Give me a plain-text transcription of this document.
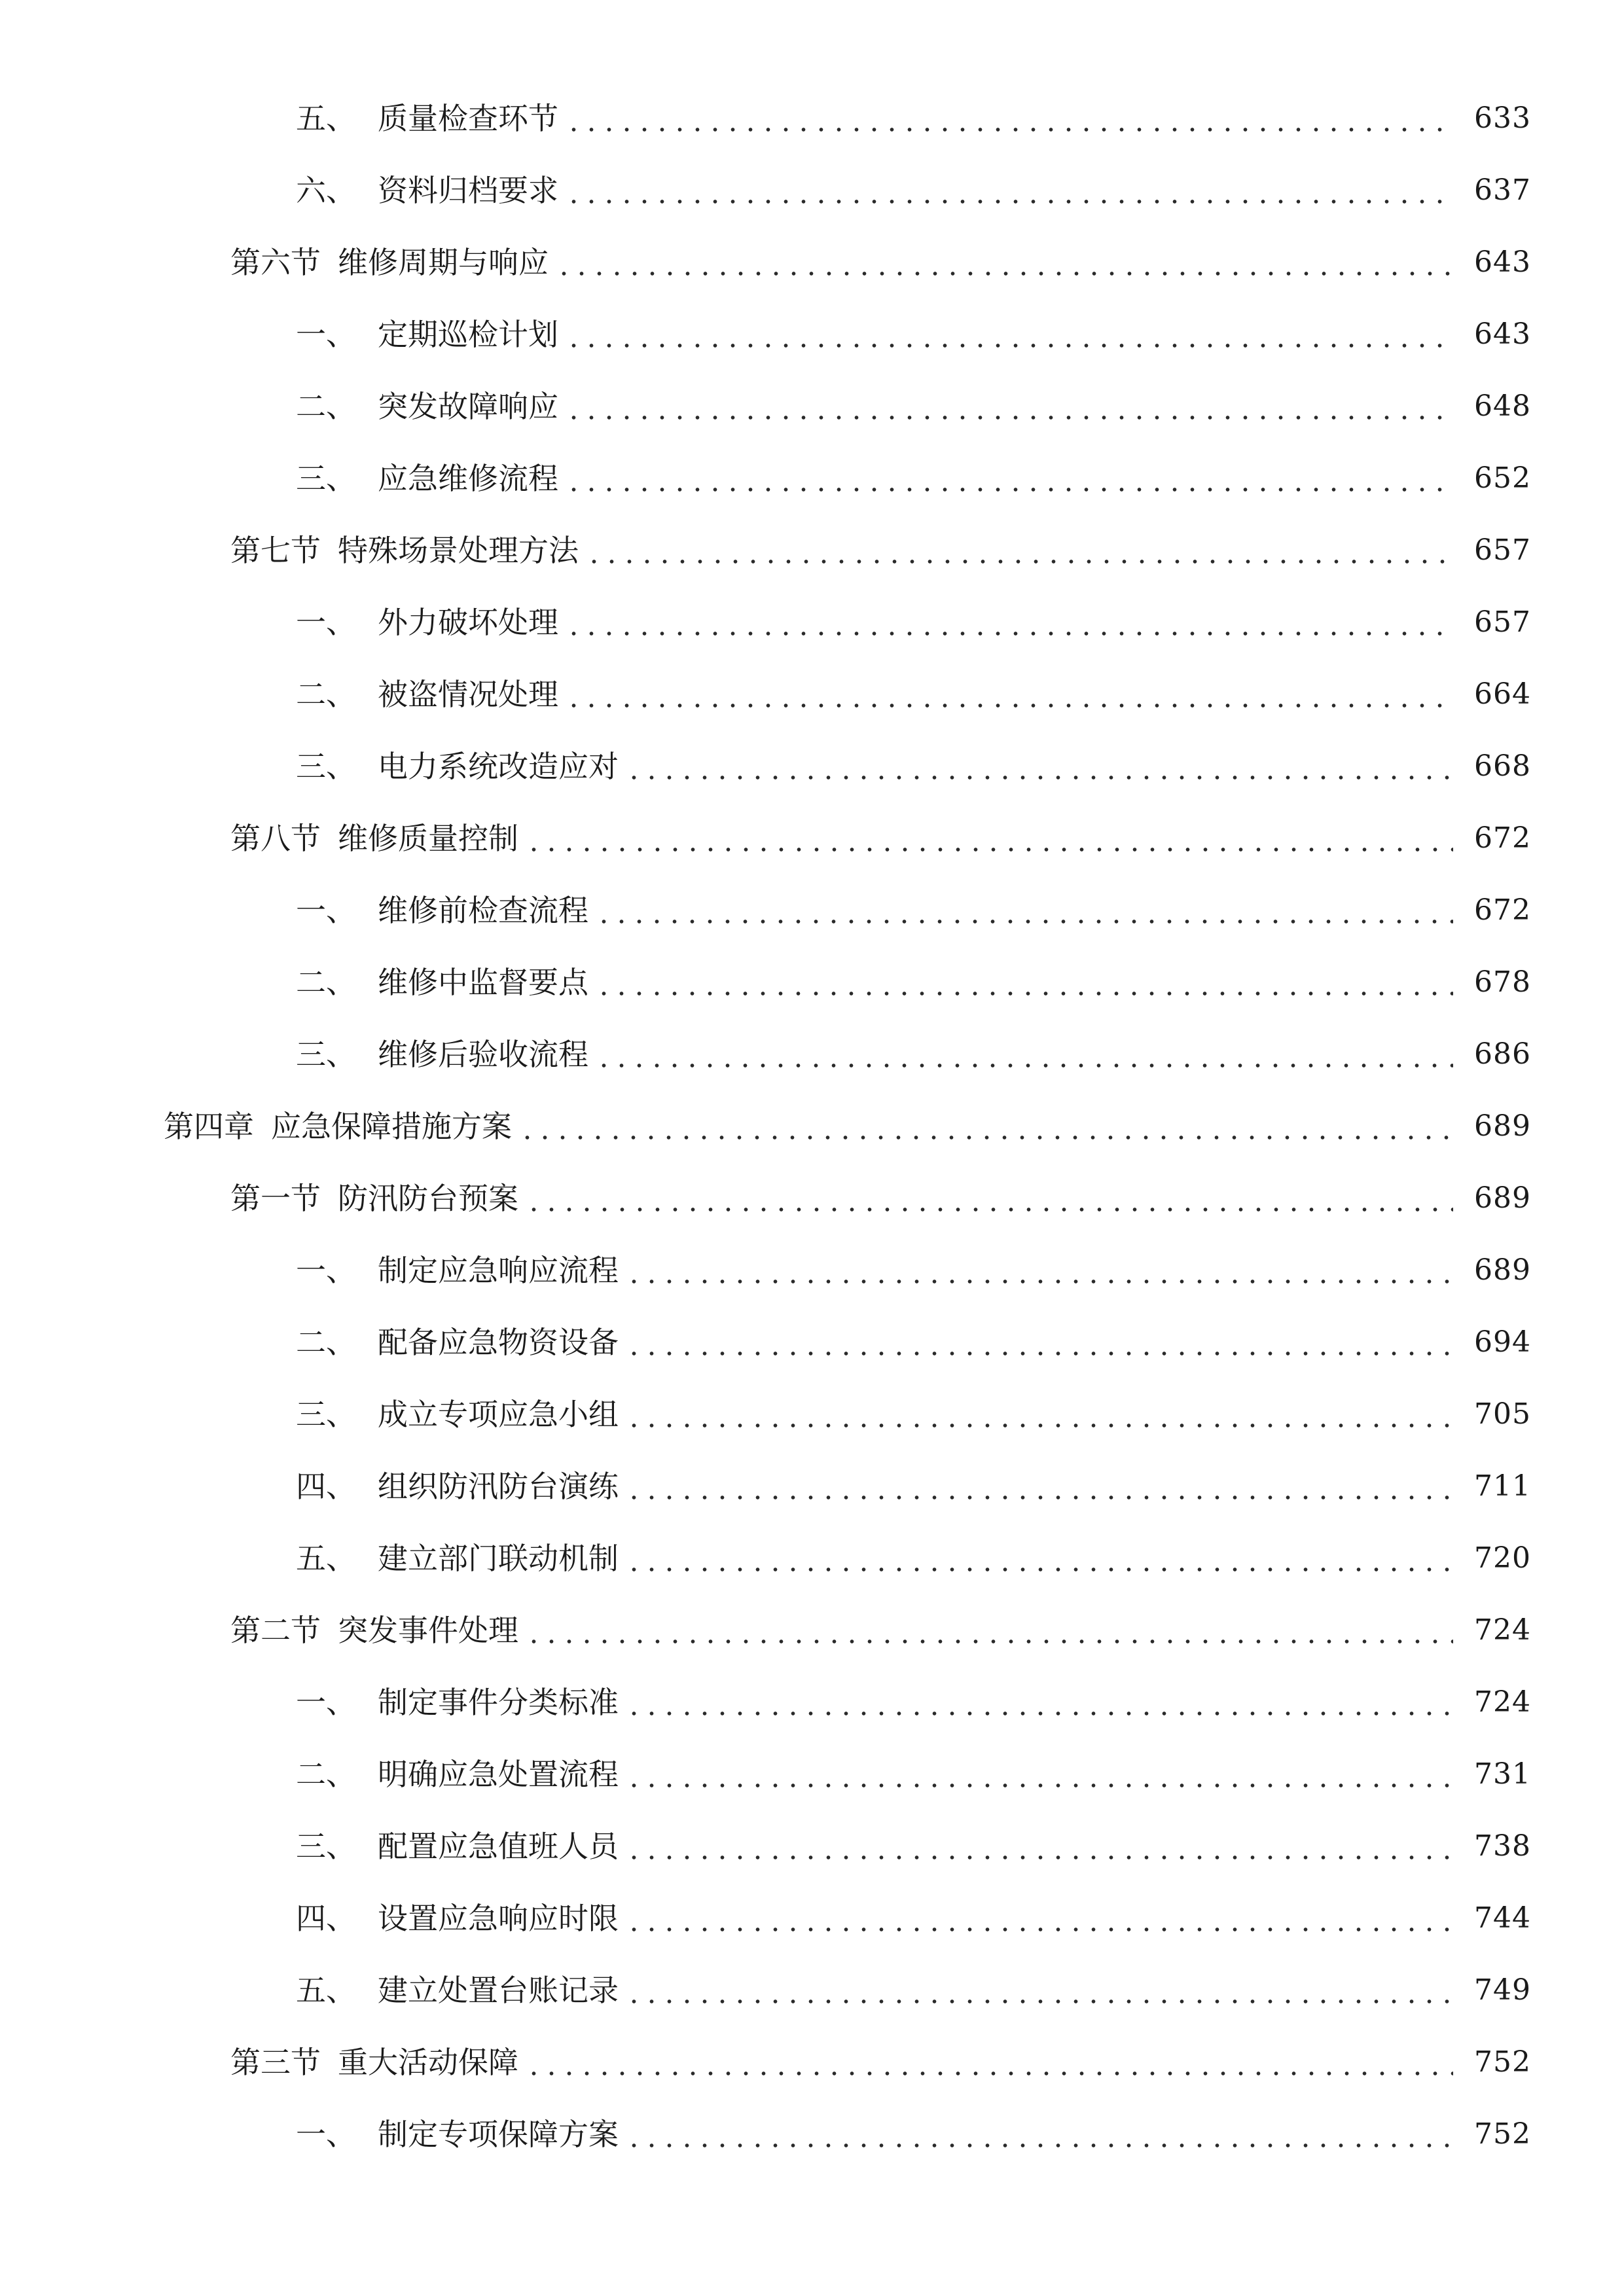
五、 质量检查环节	633
六、 资料归档要求	637
第六节 维修周期与响应	643
一、 定期巡检计划	643
二、 突发故障响应	648
三、 应急维修流程	652
第七节 特殊场景处理方法	657
一、 外力破坏处理	657
二、 被盗情况处理	664
三、 电力系统改造应对	668
第八节 维修质量控制	672
一、 维修前检查流程	672
二、 维修中监督要点	678
三、 维修后验收流程	686
第四章 应急保障措施方案	689
第一节 防汛防台预案	689
一、 制定应急响应流程	689
二、 配备应急物资设备	694
三、 成立专项应急小组	705
四、 组织防汛防台演练	711
五、 建立部门联动机制	720
第二节 突发事件处理	724
一、 制定事件分类标准	724
二、 明确应急处置流程	731
三、 配置应急值班人员	738
四、 设置应急响应时限	744
五、 建立处置台账记录	749
第三节 重大活动保障	752
一、 制定专项保障方案	752
